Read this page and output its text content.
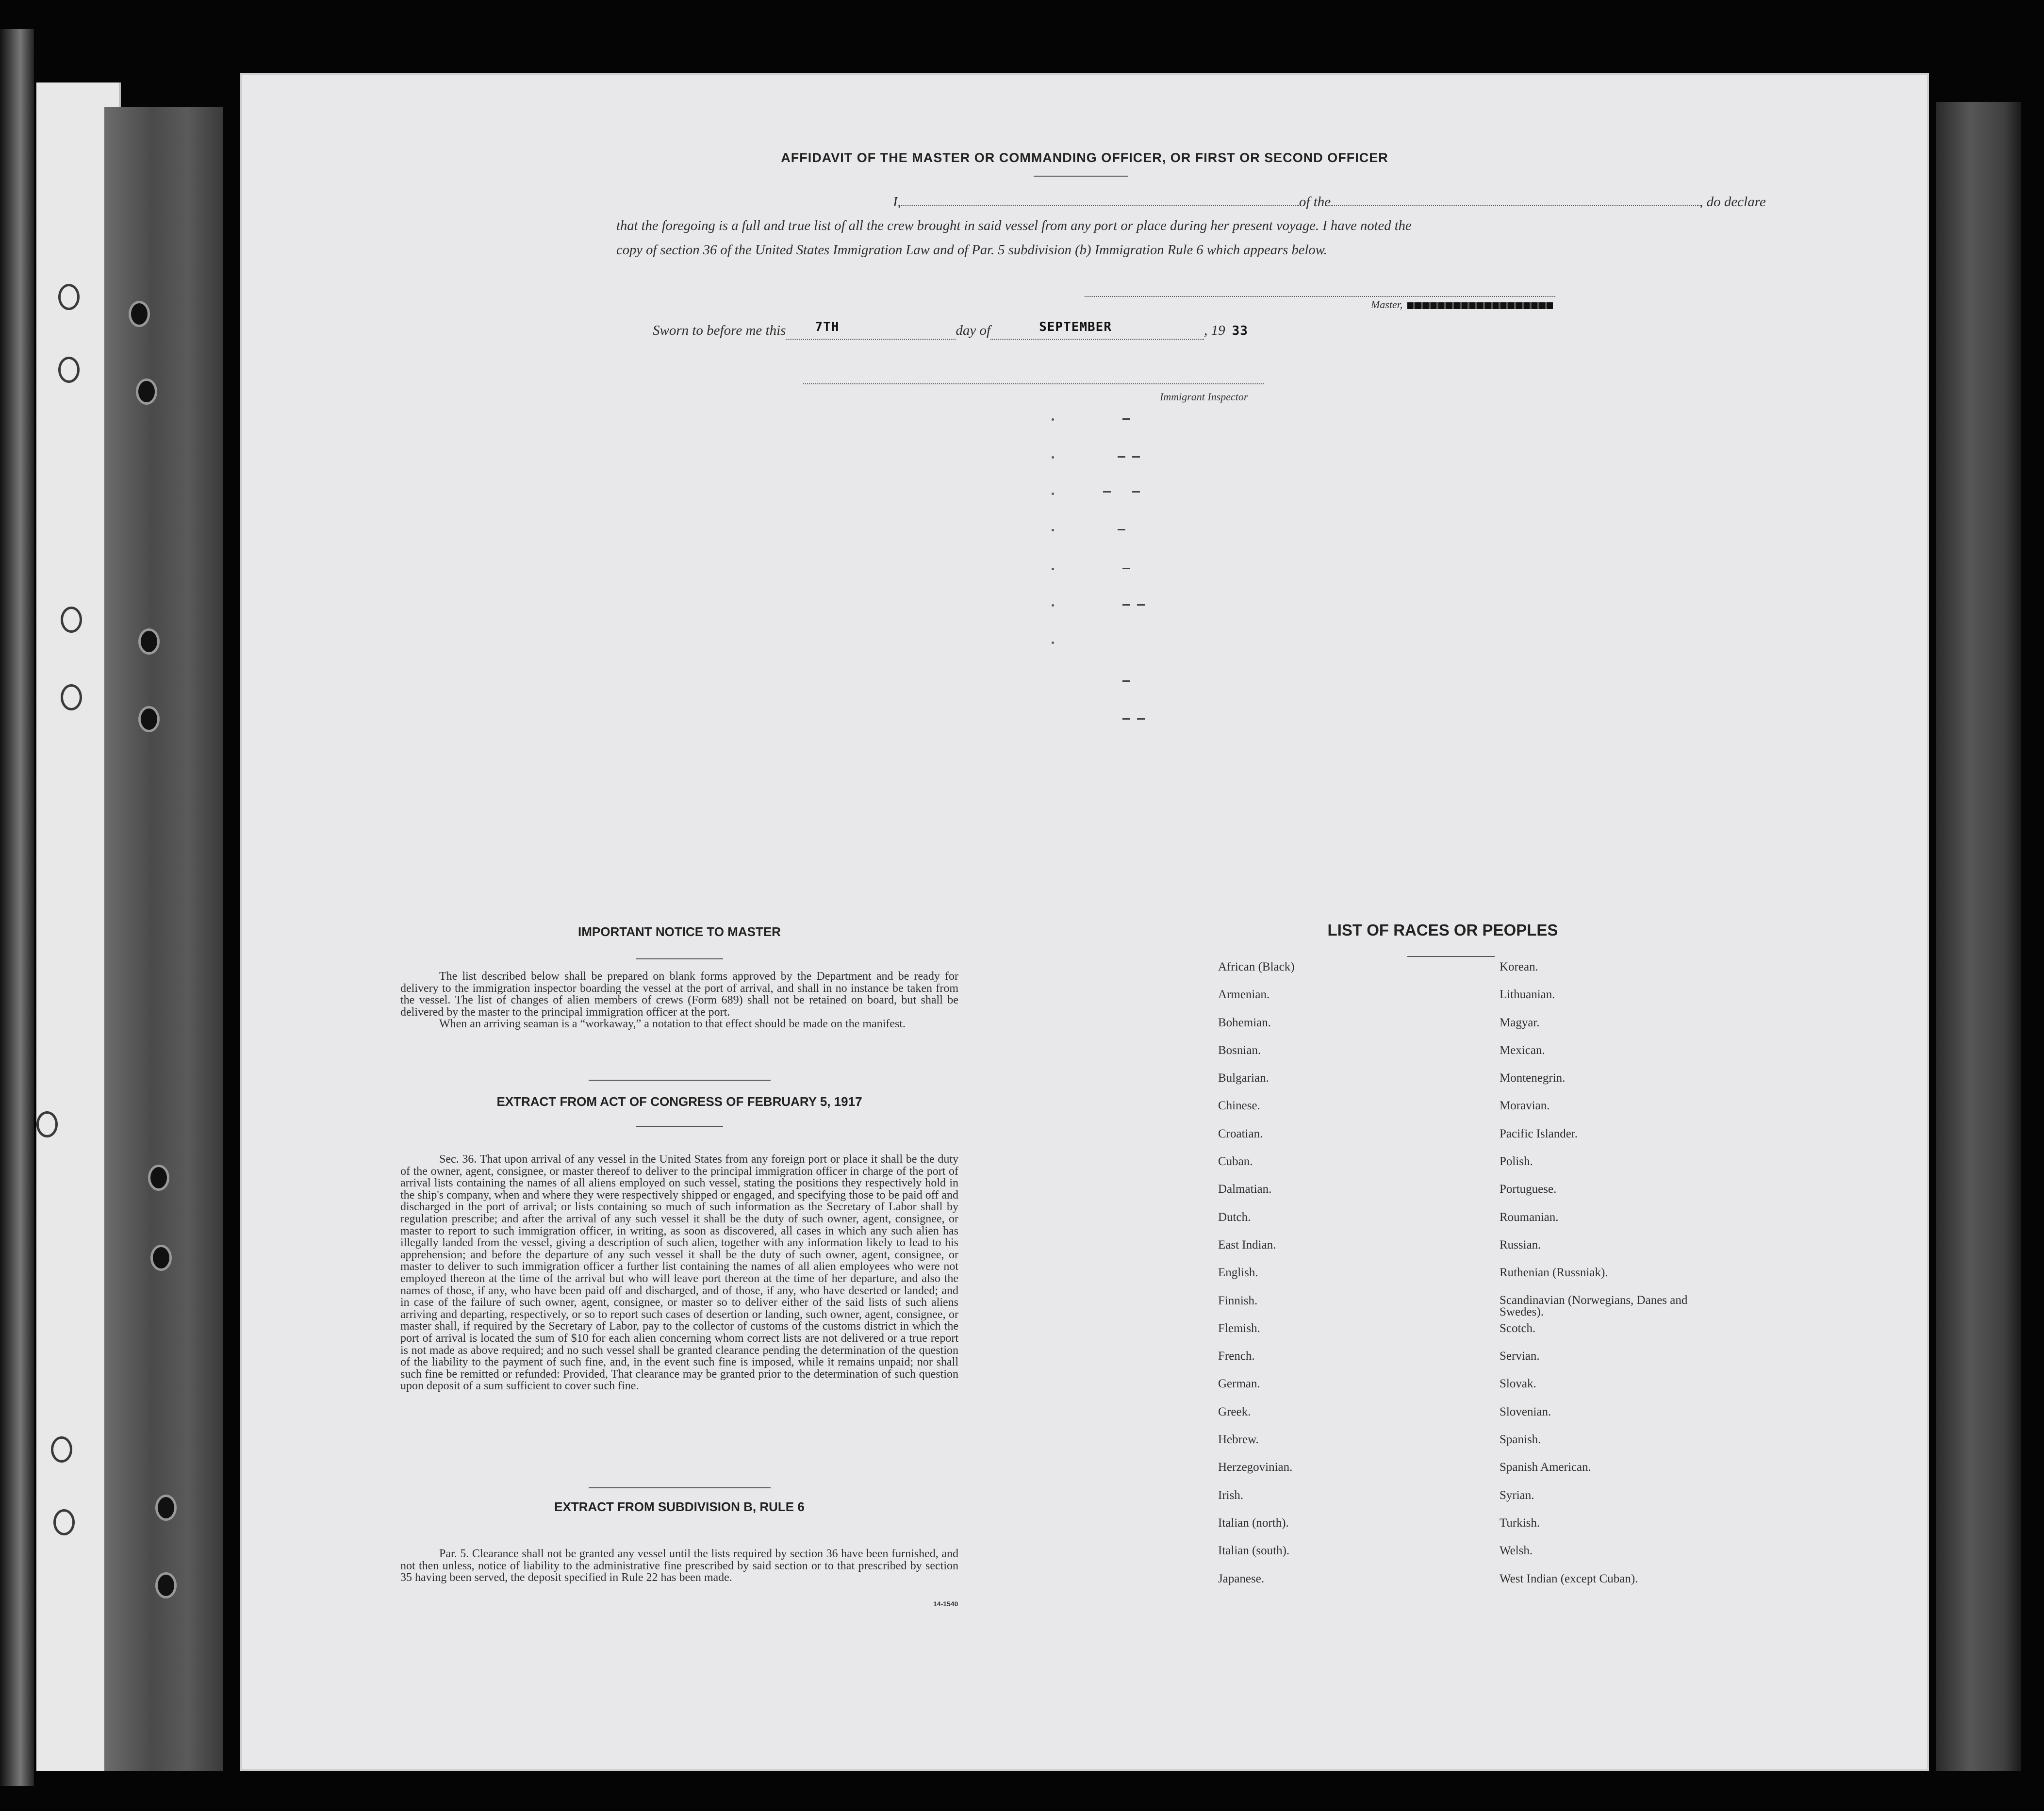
AFFIDAVIT OF THE MASTER OR COMMANDING OFFICER, OR FIRST OR SECOND OFFICER
I,	of the	, do declare
that the foregoing is a full and true list of all the crew brought in said vessel from any port or place during her present voyage. I have noted the
copy of section 36 of the United States Immigration Law and of Par. 5 subdivision (b) Immigration Rule 6 which appears below.
Master,
Sworn to before me this 7TH	day of	SEPTEMBER	, 19 33
Immigrant Inspector
IMPORTANT NOTICE TO MASTER

The list described below shall be prepared on blank forms approved by the Department and be ready for delivery to the immigration inspector boarding the vessel at the port of arrival, and shall in no instance be taken from the vessel. The list of changes of alien members of crews (Form 689) shall not be retained on board, but shall be delivered by the master to the principal immigration officer at the port.

When an arriving seaman is a “workaway,” a notation to that effect should be made on the manifest.

EXTRACT FROM ACT OF CONGRESS OF FEBRUARY 5, 1917

Sec. 36. That upon arrival of any vessel in the United States from any foreign port or place it shall be the duty of the owner, agent, consignee, or master thereof to deliver to the principal immigration officer in charge of the port of arrival lists containing the names of all aliens employed on such vessel, stating the positions they respectively hold in the ship's company, when and where they were respectively shipped or engaged, and specifying those to be paid off and discharged in the port of arrival; or lists containing so much of such information as the Secretary of Labor shall by regulation prescribe; and after the arrival of any such vessel it shall be the duty of such owner, agent, consignee, or master to report to such immigration officer, in writing, as soon as discovered, all cases in which any such alien has illegally landed from the vessel, giving a description of such alien, together with any information likely to lead to his apprehension; and before the departure of any such vessel it shall be the duty of such owner, agent, consignee, or master to deliver to such immigration officer a further list containing the names of all alien employees who were not employed thereon at the time of the arrival but who will leave port thereon at the time of her departure, and also the names of those, if any, who have been paid off and discharged, and of those, if any, who have deserted or landed; and in case of the failure of such owner, agent, consignee, or master so to deliver either of the said lists of such aliens arriving and departing, respectively, or so to report such cases of desertion or landing, such owner, agent, consignee, or master shall, if required by the Secretary of Labor, pay to the collector of customs of the customs district in which the port of arrival is located the sum of $10 for each alien concerning whom correct lists are not delivered or a true report is not made as above required; and no such vessel shall be granted clearance pending the determination of the question of the liability to the payment of such fine, and, in the event such fine is imposed, while it remains unpaid; nor shall such fine be remitted or refunded: Provided, That clearance may be granted prior to the determination of such question upon deposit of a sum sufficient to cover such fine.

EXTRACT FROM SUBDIVISION B, RULE 6

Par. 5. Clearance shall not be granted any vessel until the lists required by section 36 have been furnished, and not then unless, notice of liability to the administrative fine prescribed by said section or to that prescribed by section 35 having been served, the deposit specified in Rule 22 has been made.

14-1540
LIST OF RACES OR PEOPLES
African (Black)
Armenian.
Bohemian.
Bosnian.
Bulgarian.
Chinese.
Croatian.
Cuban.
Dalmatian.
Dutch.
East Indian.
English.
Finnish.
Flemish.
French.
German.
Greek.
Hebrew.
Herzegovinian.
Irish.
Italian (north).
Italian (south).
Japanese.
Korean.
Lithuanian.
Magyar.
Mexican.
Montenegrin.
Moravian.
Pacific Islander.
Polish.
Portuguese.
Roumanian.
Russian.
Ruthenian (Russniak).
Scandinavian (Norwegians, Danes and Swedes).
Scotch.
Servian.
Slovak.
Slovenian.
Spanish.
Spanish American.
Syrian.
Turkish.
Welsh.
West Indian (except Cuban).
